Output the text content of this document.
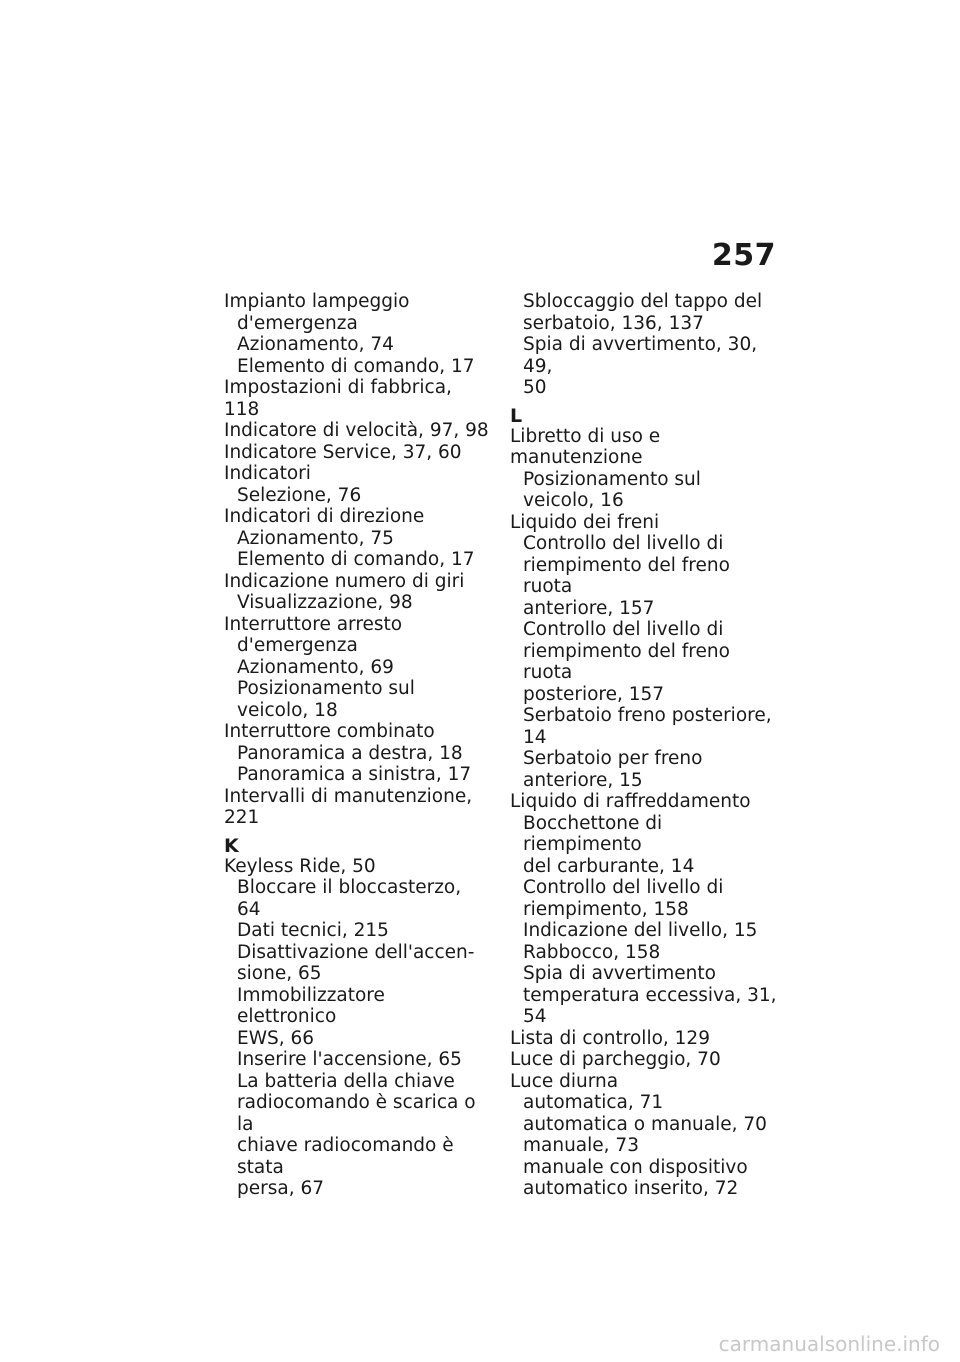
257
Impianto lampeggio
d'emergenza
Azionamento, 74
Elemento di comando, 17
Impostazioni di fabbrica, 118
Indicatore di velocità, 97, 98
Indicatore Service, 37, 60
Indicatori
Selezione, 76
Indicatori di direzione
Azionamento, 75
Elemento di comando, 17
Indicazione numero di giri
Visualizzazione, 98
Interruttore arresto
d'emergenza
Azionamento, 69
Posizionamento sul
veicolo, 18
Interruttore combinato
Panoramica a destra, 18
Panoramica a sinistra, 17
Intervalli di manutenzione, 221
K
Keyless Ride, 50
Bloccare il bloccasterzo, 64
Dati tecnici, 215
Disattivazione dell'accen-
sione, 65
Immobilizzatore elettronico
EWS, 66
Inserire l'accensione, 65
La batteria della chiave
radiocomando è scarica o la
chiave radiocomando è stata
persa, 67
Sbloccaggio del tappo del
serbatoio, 136, 137
Spia di avvertimento, 30, 49,
50
L
Libretto di uso e manutenzione
Posizionamento sul
veicolo, 16
Liquido dei freni
Controllo del livello di
riempimento del freno ruota
anteriore, 157
Controllo del livello di
riempimento del freno ruota
posteriore, 157
Serbatoio freno posteriore, 14
Serbatoio per freno
anteriore, 15
Liquido di raffreddamento
Bocchettone di riempimento
del carburante, 14
Controllo del livello di
riempimento, 158
Indicazione del livello, 15
Rabbocco, 158
Spia di avvertimento
temperatura eccessiva, 31, 54
Lista di controllo, 129
Luce di parcheggio, 70
Luce diurna
automatica, 71
automatica o manuale, 70
manuale, 73
manuale con dispositivo
automatico inserito, 72
carmanualsonline.info
